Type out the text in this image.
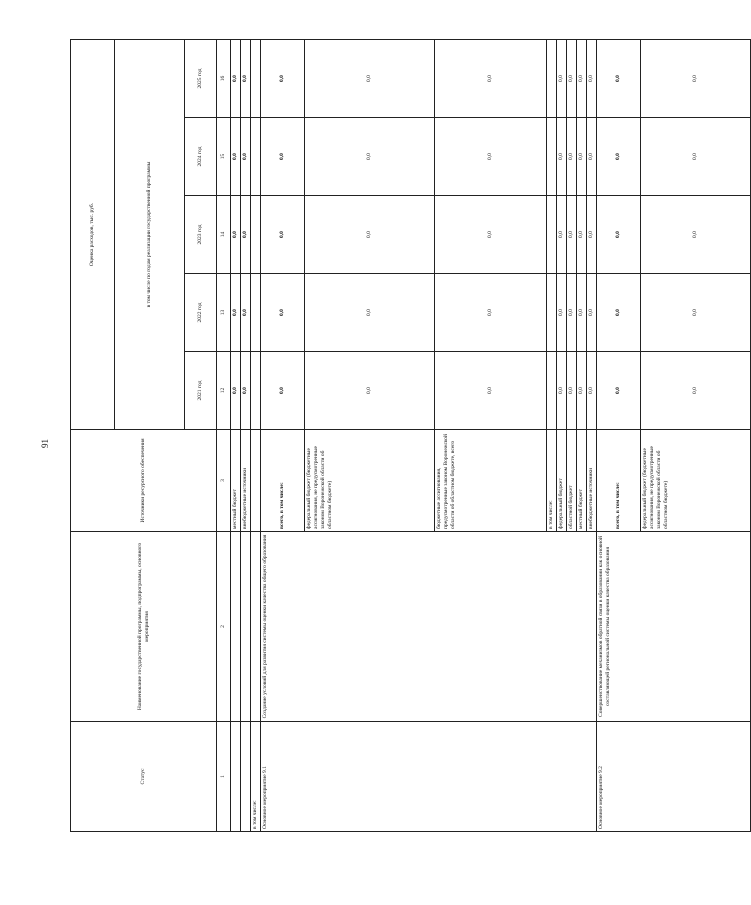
91
Статус	Наименование государственной программы, подпрограммы, основного мероприятия	Источники ресурсного обеспечения	Оценка расходов, тыс. руб.				
			в том числе по годам реализации государственной программы				
			2021 год	2022 год	2023 год	2024 год	2025 год
1	2	3	12	13	14	15	16
		местный бюджет	0,0	0,0	0,0	0,0	0,0
		внебюджетные источники	0,0	0,0	0,0	0,0	0,0
в том числе:							
Основное мероприятие 9.1	Создание условий для развития системы оценки качества общего образования	всего, в том числе:	0,0	0,0	0,0	0,0	0,0
		федеральный бюджет (бюджетные ассигнования, не предусмотренные законом Воронежской области об областном бюджете)	0,0	0,0	0,0	0,0	0,0
		бюджетные ассигнования, предусмотренные законом Воронежской области об областном бюджете, всего	0,0	0,0	0,0	0,0	0,0
		в том числе:					
		федеральный бюджет	0,0	0,0	0,0	0,0	0,0
		областной бюджет	0,0	0,0	0,0	0,0	0,0
		местный бюджет	0,0	0,0	0,0	0,0	0,0
		внебюджетные источники	0,0	0,0	0,0	0,0	0,0
Основное мероприятие 9.2	Совершенствование механизмов обратной связи в образовании как основной составляющей региональной системы оценки качества образования	всего, в том числе:	0,0	0,0	0,0	0,0	0,0
		федеральный бюджет (бюджетные ассигнования, не предусмотренные законом Воронежской области об областном бюджете)	0,0	0,0	0,0	0,0	0,0
